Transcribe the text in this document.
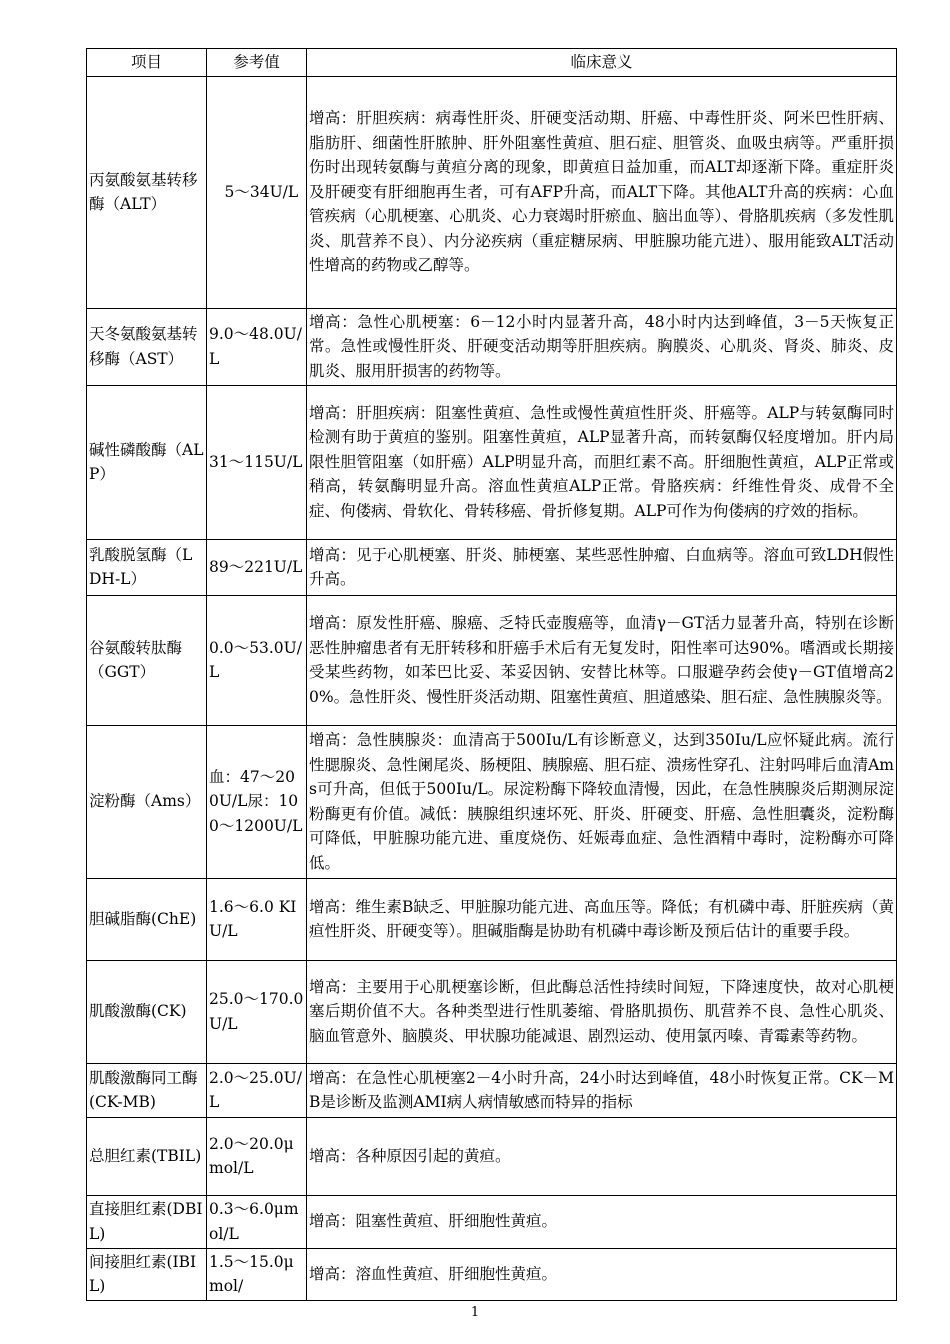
项目	参考值	临床意义
丙氨酸氨基转移酶（ALT）	　5～34U/L	增高：肝胆疾病：病毒性肝炎、肝硬变活动期、肝癌、中毒性肝炎、阿米巴性肝病、脂肪肝、细菌性肝脓肿、肝外阻塞性黄疸、胆石症、胆管炎、血吸虫病等。严重肝损伤时出现转氨酶与黄疸分离的现象，即黄疸日益加重，而ALT却逐渐下降。重症肝炎及肝硬变有肝细胞再生者，可有AFP升高，而ALT下降。其他ALT升高的疾病：心血管疾病（心肌梗塞、心肌炎、心力衰竭时肝瘀血、脑出血等）、骨胳肌疾病（多发性肌炎、肌营养不良）、内分泌疾病（重症糖尿病、甲脏腺功能亢进）、服用能致ALT活动性增高的药物或乙醇等。
天冬氨酸氨基转移酶（AST）	9.0～48.0U/L	增高：急性心肌梗塞：6－12小时内显著升高，48小时内达到峰值，3－5天恢复正常。急性或慢性肝炎、肝硬变活动期等肝胆疾病。胸膜炎、心肌炎、肾炎、肺炎、皮肌炎、服用肝损害的药物等。
碱性磷酸酶（ALP）	31～115U/L	增高：肝胆疾病：阻塞性黄疸、急性或慢性黄疸性肝炎、肝癌等。ALP与转氨酶同时检测有助于黄疸的鉴别。阻塞性黄疸，ALP显著升高，而转氨酶仅轻度增加。肝内局限性胆管阻塞（如肝癌）ALP明显升高，而胆红素不高。肝细胞性黄疸，ALP正常或稍高，转氨酶明显升高。溶血性黄疸ALP正常。骨胳疾病：纤维性骨炎、成骨不全症、佝偻病、骨软化、骨转移癌、骨折修复期。ALP可作为佝偻病的疗效的指标。
乳酸脱氢酶（LDH-L）	89～221U/L	增高：见于心肌梗塞、肝炎、肺梗塞、某些恶性肿瘤、白血病等。溶血可致LDH假性升高。
谷氨酸转肽酶（GGT）	0.0～53.0U/L	增高：原发性肝癌、腺癌、乏特氏壶腹癌等，血清γ－GT活力显著升高，特别在诊断恶性肿瘤患者有无肝转移和肝癌手术后有无复发时，阳性率可达90%。嗜酒或长期接受某些药物，如苯巴比妥、苯妥因钠、安替比林等。口服避孕药会使γ－GT值增高20%。急性肝炎、慢性肝炎活动期、阻塞性黄疸、胆道感染、胆石症、急性胰腺炎等。
淀粉酶（Ams）	血：47～200U/L尿：100～1200U/L	增高：急性胰腺炎：血清高于500Iu/L有诊断意义，达到350Iu/L应怀疑此病。流行性腮腺炎、急性阑尾炎、肠梗阻、胰腺癌、胆石症、溃疡性穿孔、注射吗啡后血清Ams可升高，但低于500Iu/L。尿淀粉酶下降较血清慢，因此，在急性胰腺炎后期测尿淀粉酶更有价值。减低：胰腺组织速坏死、肝炎、肝硬变、肝癌、急性胆囊炎，淀粉酶可降低，甲脏腺功能亢进、重度烧伤、妊娠毒血症、急性酒精中毒时，淀粉酶亦可降低。
胆碱脂酶(ChE)	1.6～6.0 KIU/L	增高：维生素B缺乏、甲脏腺功能亢进、高血压等。降低；有机磷中毒、肝脏疾病（黄疸性肝炎、肝硬变等）。胆碱脂酶是协助有机磷中毒诊断及预后估计的重要手段。
肌酸激酶(CK)	25.0～170.0U/L	增高：主要用于心肌梗塞诊断，但此酶总活性持续时间短，下降速度快，故对心肌梗塞后期价值不大。各种类型进行性肌萎缩、骨胳肌损伤、肌营养不良、急性心肌炎、脑血管意外、脑膜炎、甲状腺功能减退、剧烈运动、使用氯丙嗪、青霉素等药物。
肌酸激酶同工酶(CK-MB)	2.0～25.0U/L	增高：在急性心肌梗塞2－4小时升高，24小时达到峰值，48小时恢复正常。CK－MB是诊断及监测AMI病人病情敏感而特异的指标
总胆红素(TBIL)	2.0～20.0μmol/L	增高：各种原因引起的黄疸。
直接胆红素(DBIL)	0.3～6.0μmol/L	增高：阻塞性黄疸、肝细胞性黄疸。
间接胆红素(IBIL)	1.5～15.0μmol/	增高：溶血性黄疸、肝细胞性黄疸。
1
